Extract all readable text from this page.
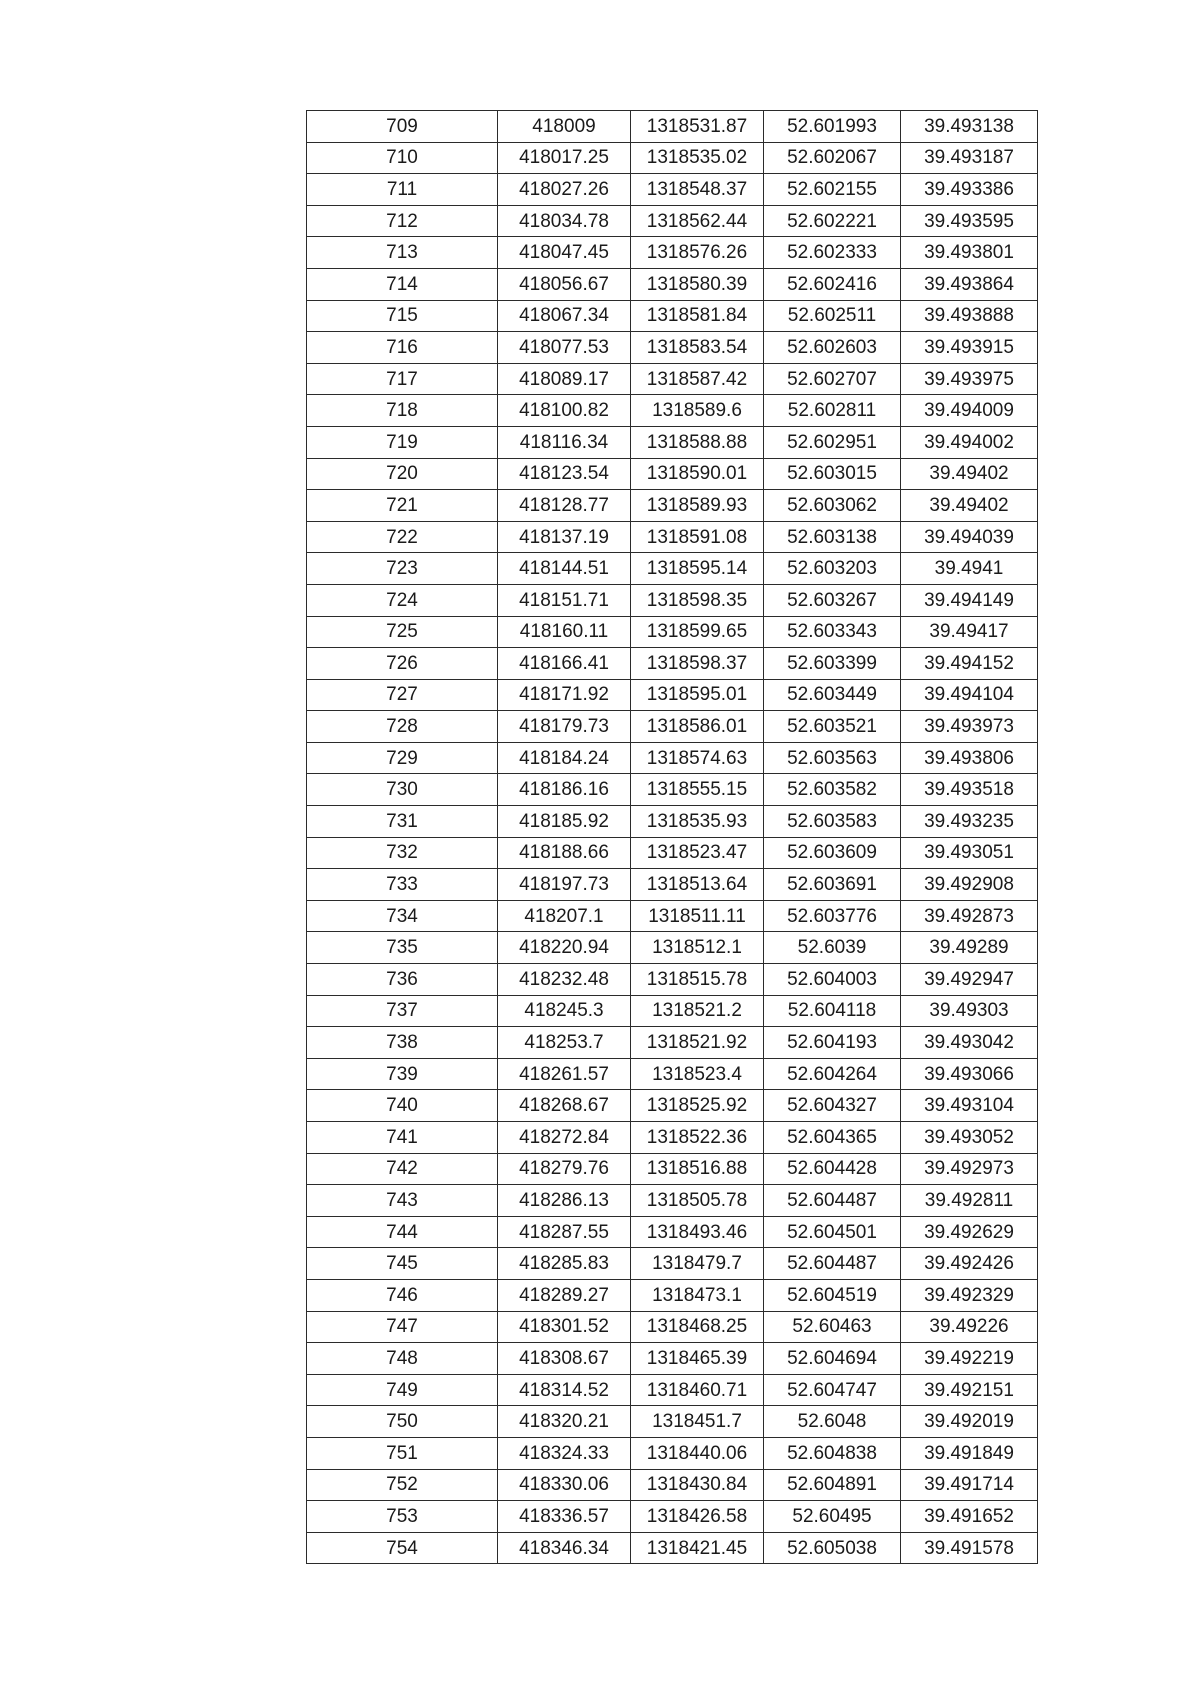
709	418009	1318531.87	52.601993	39.493138
710	418017.25	1318535.02	52.602067	39.493187
711	418027.26	1318548.37	52.602155	39.493386
712	418034.78	1318562.44	52.602221	39.493595
713	418047.45	1318576.26	52.602333	39.493801
714	418056.67	1318580.39	52.602416	39.493864
715	418067.34	1318581.84	52.602511	39.493888
716	418077.53	1318583.54	52.602603	39.493915
717	418089.17	1318587.42	52.602707	39.493975
718	418100.82	1318589.6	52.602811	39.494009
719	418116.34	1318588.88	52.602951	39.494002
720	418123.54	1318590.01	52.603015	39.49402
721	418128.77	1318589.93	52.603062	39.49402
722	418137.19	1318591.08	52.603138	39.494039
723	418144.51	1318595.14	52.603203	39.4941
724	418151.71	1318598.35	52.603267	39.494149
725	418160.11	1318599.65	52.603343	39.49417
726	418166.41	1318598.37	52.603399	39.494152
727	418171.92	1318595.01	52.603449	39.494104
728	418179.73	1318586.01	52.603521	39.493973
729	418184.24	1318574.63	52.603563	39.493806
730	418186.16	1318555.15	52.603582	39.493518
731	418185.92	1318535.93	52.603583	39.493235
732	418188.66	1318523.47	52.603609	39.493051
733	418197.73	1318513.64	52.603691	39.492908
734	418207.1	1318511.11	52.603776	39.492873
735	418220.94	1318512.1	52.6039	39.49289
736	418232.48	1318515.78	52.604003	39.492947
737	418245.3	1318521.2	52.604118	39.49303
738	418253.7	1318521.92	52.604193	39.493042
739	418261.57	1318523.4	52.604264	39.493066
740	418268.67	1318525.92	52.604327	39.493104
741	418272.84	1318522.36	52.604365	39.493052
742	418279.76	1318516.88	52.604428	39.492973
743	418286.13	1318505.78	52.604487	39.492811
744	418287.55	1318493.46	52.604501	39.492629
745	418285.83	1318479.7	52.604487	39.492426
746	418289.27	1318473.1	52.604519	39.492329
747	418301.52	1318468.25	52.60463	39.49226
748	418308.67	1318465.39	52.604694	39.492219
749	418314.52	1318460.71	52.604747	39.492151
750	418320.21	1318451.7	52.6048	39.492019
751	418324.33	1318440.06	52.604838	39.491849
752	418330.06	1318430.84	52.604891	39.491714
753	418336.57	1318426.58	52.60495	39.491652
754	418346.34	1318421.45	52.605038	39.491578
